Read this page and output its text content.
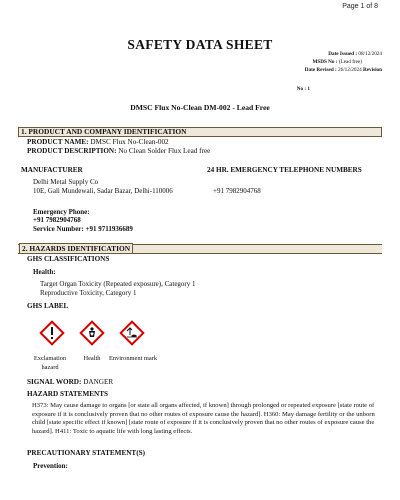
Page 1 of 8
SAFETY DATA SHEET
Date Issued : 08/12/2024
MSDS No : (Lead free)
Date Revised : 26/12/2024 Revision
No : 1
DMSC Flux No-Clean DM-002 - Lead Free
1. PRODUCT AND COMPANY IDENTIFICATION
PRODUCT NAME: DMSC Flux No-Clean-002
PRODUCT DESCRIPTION: No Clean Solder Flux Lead free
MANUFACTURER	24 HR. EMERGENCY TELEPHONE NUMBERS
Delhi Metal Supply Co
10E, Gali Mundewali, Sadar Bazar, Delhi-110006	+91 7982904768
Emergency Phone:
+91 7982904768
Service Number: +91 9711936689
2. HAZARDS IDENTIFICATION
GHS CLASSIFICATIONS
Health:
Target Organ Toxicity (Repeated exposure), Category 1
Reproductive Toxicity, Category 1
GHS LABEL
Exclamation
hazard
Health	Environment mark
SIGNAL WORD: DANGER
HAZARD STATEMENTS
H373: May cause damage to organs [or state all organs affected, if known] through prolonged or repeated exposure [state route of exposure if it is conclusively proven that no other routes of exposure cause the hazard]. H360: May damage fertility or the unborn child [state specific effect if known] [state route of exposure if it is conclusively proven that no other routes of exposure cause the hazard]. H411: Toxic to aquatic life with long lasting effects.
PRECAUTIONARY STATEMENT(S)
Prevention:
